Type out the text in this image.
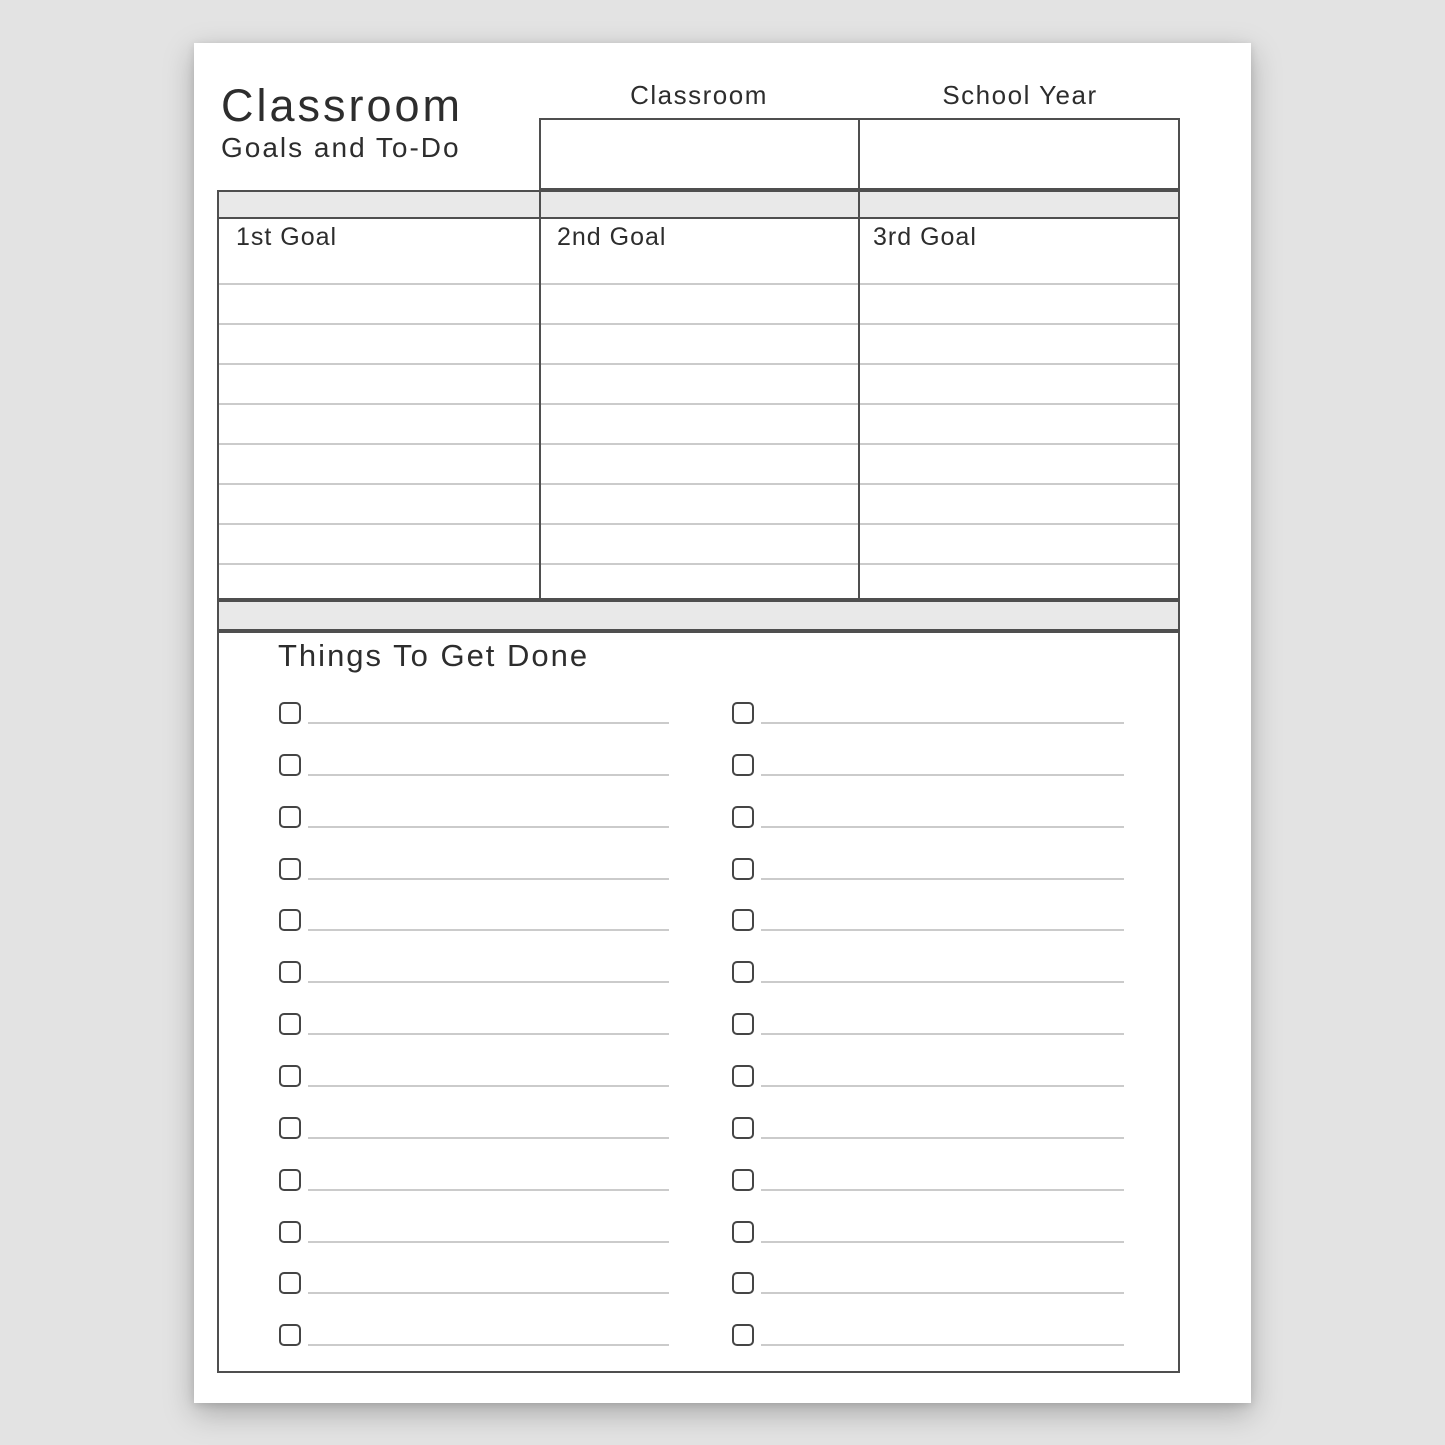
Classroom
Goals and To-Do
Classroom	School Year
1st Goal	2nd Goal	3rd Goal
Things To Get Done
